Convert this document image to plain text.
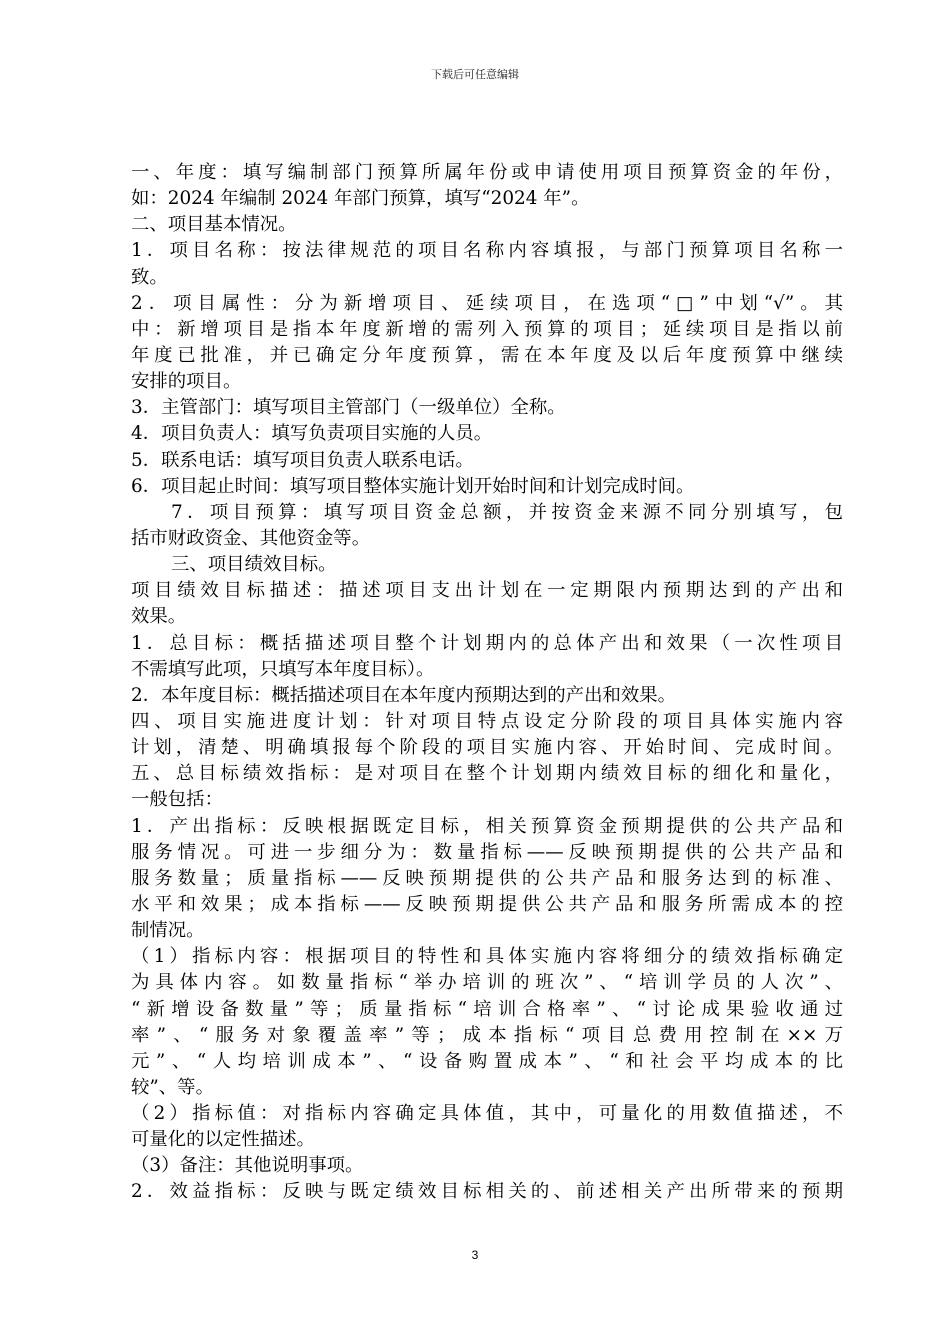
下载后可任意编辑
一、年度：填写编制部门预算所属年份或申请使用项目预算资金的年份，
如：2024 年编制 2024 年部门预算，填写“2024 年”。
二、项目基本情况。
1．项目名称：按法律规范的项目名称内容填报，与部门预算项目名称一
致。
2．项目属性：分为新增项目、延续项目，在选项“□”中划“√”。其
中：新增项目是指本年度新增的需列入预算的项目；延续项目是指以前
年度已批准，并已确定分年度预算，需在本年度及以后年度预算中继续
安排的项目。
3．主管部门：填写项目主管部门（一级单位）全称。
4．项目负责人：填写负责项目实施的人员。
5．联系电话：填写项目负责人联系电话。
6．项目起止时间：填写项目整体实施计划开始时间和计划完成时间。
7．项目预算：填写项目资金总额，并按资金来源不同分别填写，包
括市财政资金、其他资金等。
三、项目绩效目标。
项目绩效目标描述：描述项目支出计划在一定期限内预期达到的产出和
效果。
1．总目标：概括描述项目整个计划期内的总体产出和效果（一次性项目
不需填写此项，只填写本年度目标）。
2．本年度目标：概括描述项目在本年度内预期达到的产出和效果。
四、项目实施进度计划：针对项目特点设定分阶段的项目具体实施内容
计划，清楚、明确填报每个阶段的项目实施内容、开始时间、完成时间。
五、总目标绩效指标：是对项目在整个计划期内绩效目标的细化和量化，
一般包括：
1．产出指标：反映根据既定目标，相关预算资金预期提供的公共产品和
服务情况。可进一步细分为：数量指标——反映预期提供的公共产品和
服务数量；质量指标——反映预期提供的公共产品和服务达到的标准、
水平和效果；成本指标——反映预期提供公共产品和服务所需成本的控
制情况。
（1）指标内容：根据项目的特性和具体实施内容将细分的绩效指标确定
为具体内容。如数量指标“举办培训的班次”、“培训学员的人次”、
“新增设备数量”等；质量指标“培训合格率”、“讨论成果验收通过
率”、“服务对象覆盖率”等；成本指标“项目总费用控制在××万
元”、“人均培训成本”、“设备购置成本”、“和社会平均成本的比
较”、等。
（2）指标值：对指标内容确定具体值，其中，可量化的用数值描述，不
可量化的以定性描述。
（3）备注：其他说明事项。
2．效益指标：反映与既定绩效目标相关的、前述相关产出所带来的预期
3
